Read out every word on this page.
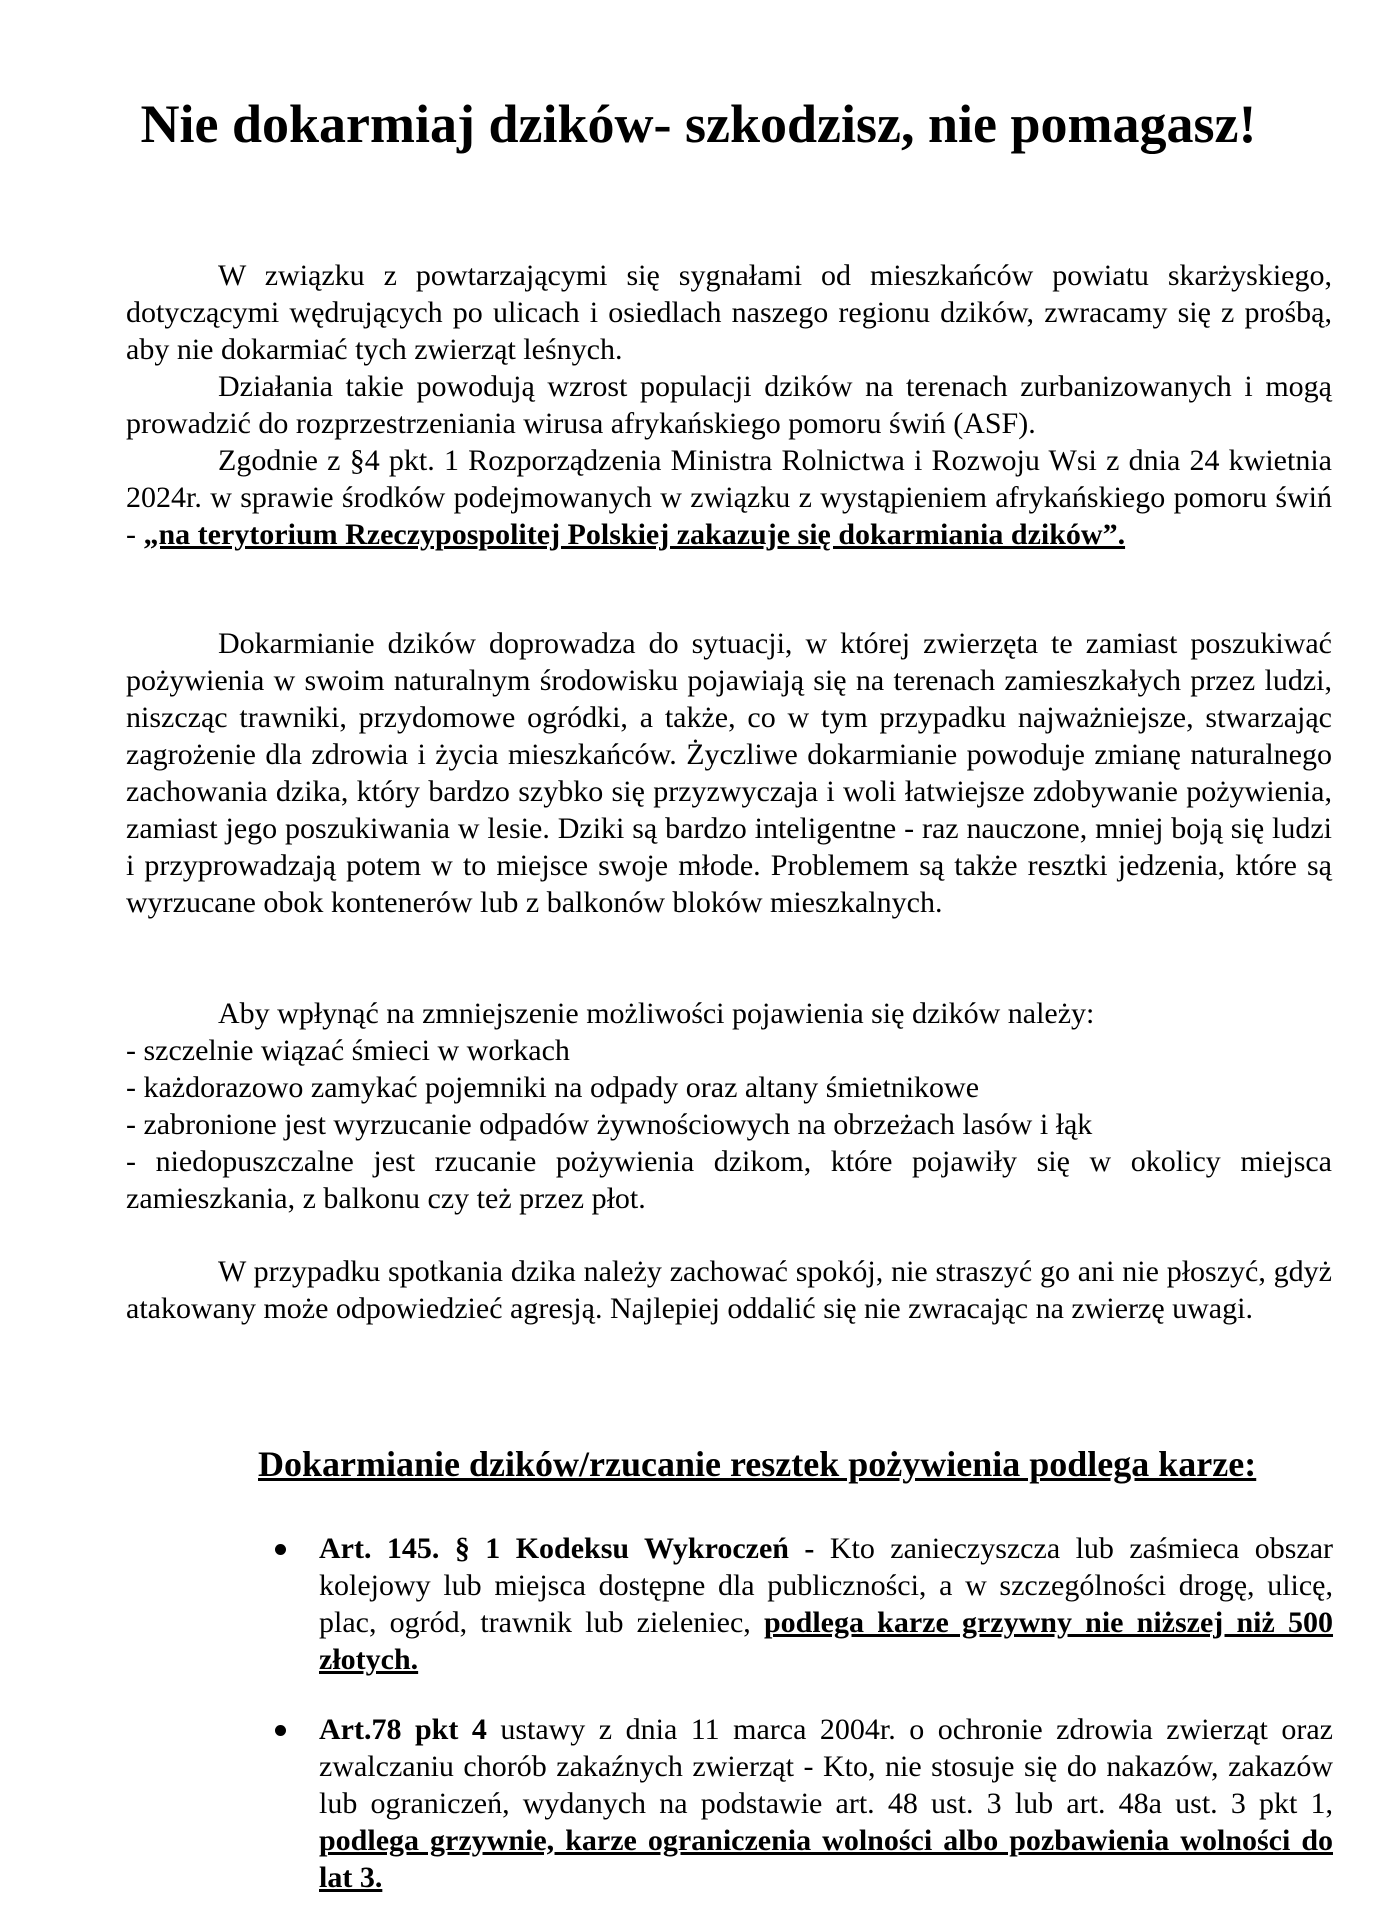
Nie dokarmiaj dzików- szkodzisz, nie pomagasz!

W związku z powtarzającymi się sygnałami od mieszkańców powiatu skarżyskiego, dotyczącymi wędrujących po ulicach i osiedlach naszego regionu dzików, zwracamy się z prośbą, aby nie dokarmiać tych zwierząt leśnych.

Działania takie powodują wzrost populacji dzików na terenach zurbanizowanych i mogą prowadzić do rozprzestrzeniania wirusa afrykańskiego pomoru świń (ASF).

Zgodnie z §4 pkt. 1 Rozporządzenia Ministra Rolnictwa i Rozwoju Wsi z dnia 24 kwietnia 2024r. w sprawie środków podejmowanych w związku z wystąpieniem afrykańskiego pomoru świń - „na terytorium Rzeczypospolitej Polskiej zakazuje się dokarmiania dzików”.

Dokarmianie dzików doprowadza do sytuacji, w której zwierzęta te zamiast poszukiwać pożywienia w swoim naturalnym środowisku pojawiają się na terenach zamieszkałych przez ludzi, niszcząc trawniki, przydomowe ogródki, a także, co w tym przypadku najważniejsze, stwarzając zagrożenie dla zdrowia i życia mieszkańców. Życzliwe dokarmianie powoduje zmianę naturalnego zachowania dzika, który bardzo szybko się przyzwyczaja i woli łatwiejsze zdobywanie pożywienia, zamiast jego poszukiwania w lesie. Dziki są bardzo inteligentne - raz nauczone, mniej boją się ludzi i przyprowadzają potem w to miejsce swoje młode. Problemem są także resztki jedzenia, które są wyrzucane obok kontenerów lub z balkonów bloków mieszkalnych.

Aby wpłynąć na zmniejszenie możliwości pojawienia się dzików należy:
- szczelnie wiązać śmieci w workach
- każdorazowo zamykać pojemniki na odpady oraz altany śmietnikowe
- zabronione jest wyrzucanie odpadów żywnościowych na obrzeżach lasów i łąk
- niedopuszczalne jest rzucanie pożywienia dzikom, które pojawiły się w okolicy miejsca zamieszkania, z balkonu czy też przez płot.

W przypadku spotkania dzika należy zachować spokój, nie straszyć go ani nie płoszyć, gdyż atakowany może odpowiedzieć agresją. Najlepiej oddalić się nie zwracając na zwierzę uwagi.

Dokarmianie dzików/rzucanie resztek pożywienia podlega karze:
Art. 145. § 1 Kodeksu Wykroczeń - Kto zanieczyszcza lub zaśmieca obszar kolejowy lub miejsca dostępne dla publiczności, a w szczególności drogę, ulicę, plac, ogród, trawnik lub zieleniec, podlega karze grzywny nie niższej niż 500 złotych.
Art.78 pkt 4 ustawy z dnia 11 marca 2004r. o ochronie zdrowia zwierząt oraz zwalczaniu chorób zakaźnych zwierząt - Kto, nie stosuje się do nakazów, zakazów lub ograniczeń, wydanych na podstawie art. 48 ust. 3 lub art. 48a ust. 3 pkt 1, podlega grzywnie, karze ograniczenia wolności albo pozbawienia wolności do lat 3.
